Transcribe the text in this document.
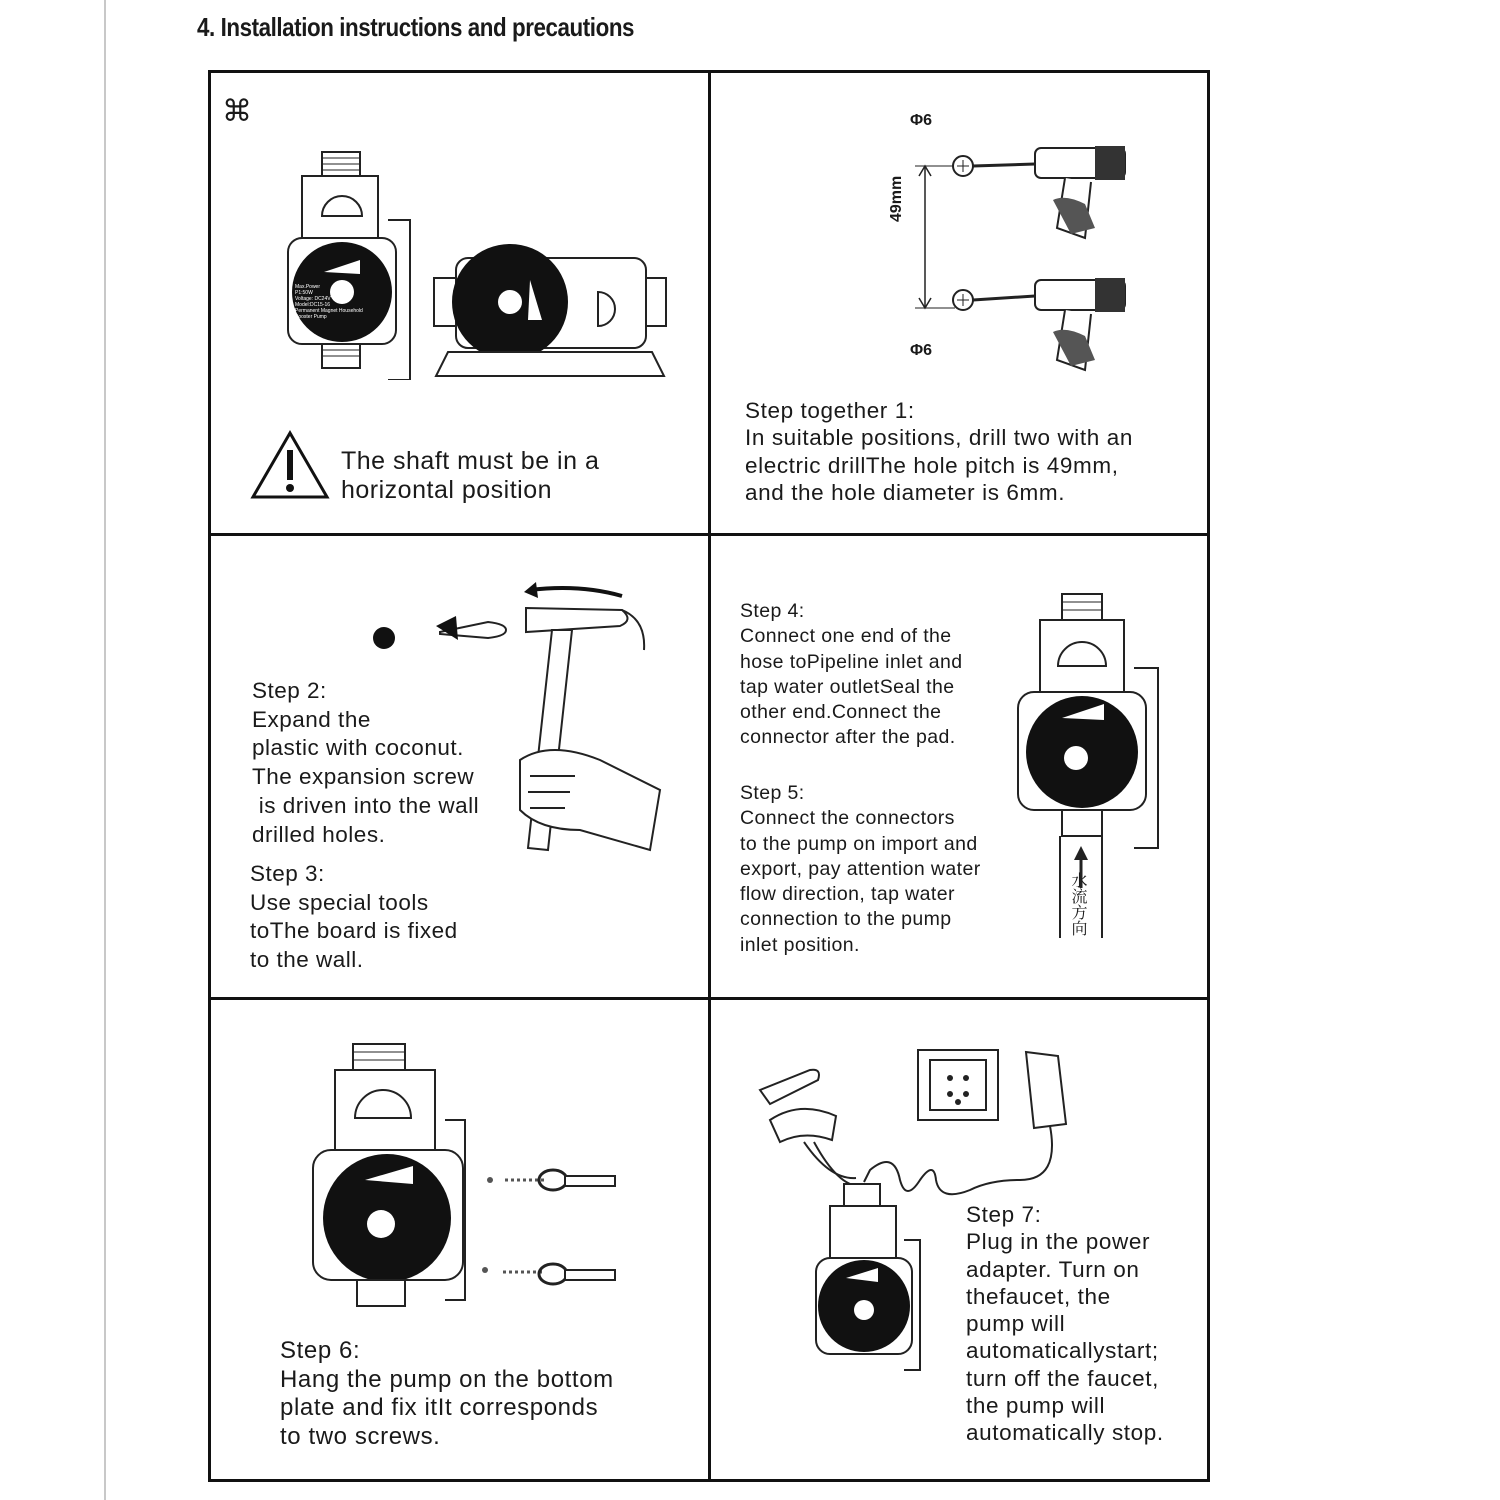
4. Installation instructions and precautions
⌘
Max.Power
P1:50W
Voltage: DC24V
Model:DC15-16
Permanent Magnet Household
Booster Pump
The shaft must be in a
horizontal position
Φ6
Φ6
49mm
Step together 1:
In suitable positions, drill two with an
electric drillThe hole pitch is 49mm,
and the hole diameter is 6mm.
Step 2:
Expand the
plastic with coconut.
The expansion screw
is driven into the wall
drilled holes.
Step 3:
Use special tools
toThe board is fixed
to the wall.
Step 4:
Connect one end of the
hose toPipeline inlet and
tap water outletSeal the
other end.Connect the
connector after the pad.
Step 5:
Connect the connectors
to the pump on import and
export, pay attention water
flow direction, tap water
connection to the pump
inlet position.
水流方向
Step 6:
Hang the pump on the bottom
plate and fix itIt corresponds
to two screws.
Step 7:
Plug in the power
adapter. Turn on
thefaucet, the
pump will
automaticallystart;
turn off the faucet,
the pump will
automatically stop.
